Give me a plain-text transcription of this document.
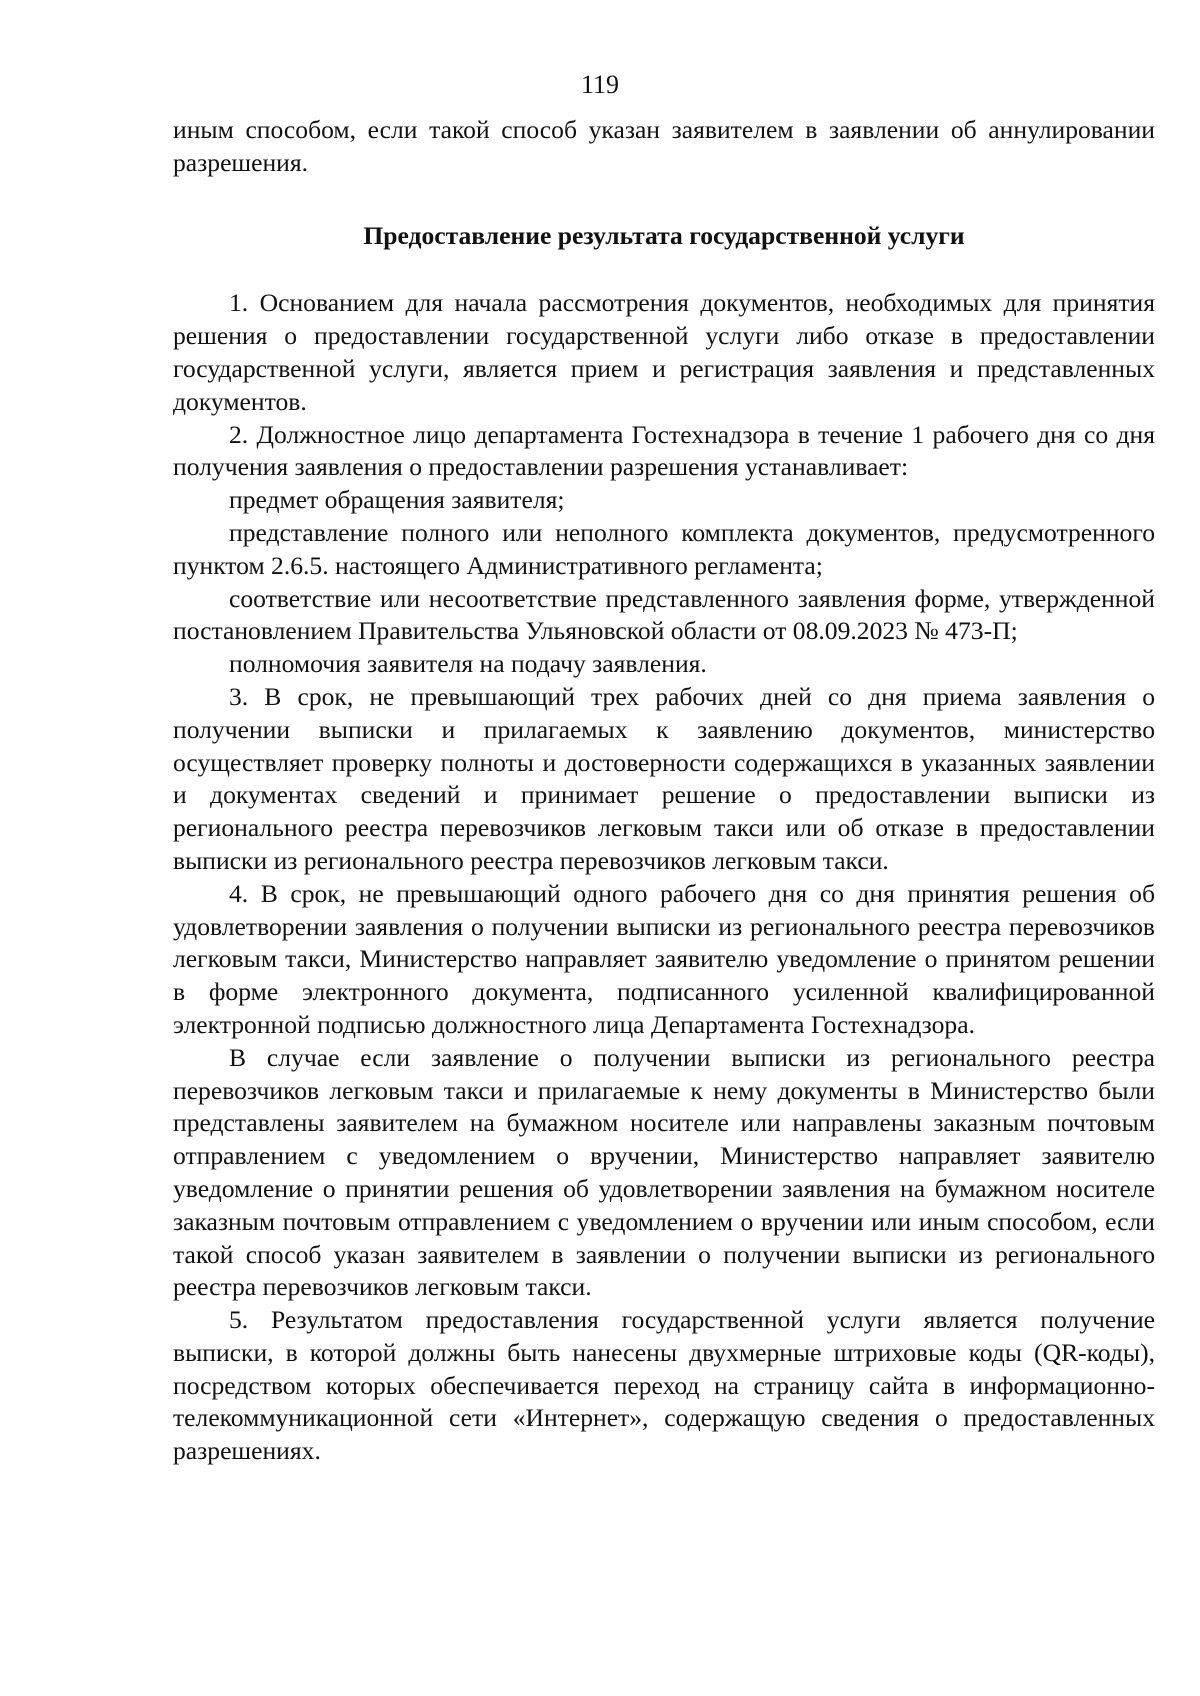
119

иным способом, если такой способ указан заявителем в заявлении об аннулировании разрешения.

Предоставление результата государственной услуги

1. Основанием для начала рассмотрения документов, необходимых для принятия решения о предоставлении государственной услуги либо отказе в предоставлении государственной услуги, является прием и регистрация заявления и представленных документов.

2. Должностное лицо департамента Гостехнадзора в течение 1 рабочего дня со дня получения заявления о предоставлении разрешения устанавливает:

предмет обращения заявителя;

представление полного или неполного комплекта документов, предусмотренного пунктом 2.6.5. настоящего Административного регламента;

соответствие или несоответствие представленного заявления форме, утвержденной постановлением Правительства Ульяновской области от 08.09.2023 № 473-П;

полномочия заявителя на подачу заявления.

3. В срок, не превышающий трех рабочих дней со дня приема заявления о получении выписки и прилагаемых к заявлению документов, министерство осуществляет проверку полноты и достоверности содержащихся в указанных заявлении и документах сведений и принимает решение о предоставлении выписки из регионального реестра перевозчиков легковым такси или об отказе в предоставлении выписки из регионального реестра перевозчиков легковым такси.

4. В срок, не превышающий одного рабочего дня со дня принятия решения об удовлетворении заявления о получении выписки из регионального реестра перевозчиков легковым такси, Министерство направляет заявителю уведомление о принятом решении в форме электронного документа, подписанного усиленной квалифицированной электронной подписью должностного лица Департамента Гостехнадзора.

В случае если заявление о получении выписки из регионального реестра перевозчиков легковым такси и прилагаемые к нему документы в Министерство были представлены заявителем на бумажном носителе или направлены заказным почтовым отправлением с уведомлением о вручении, Министерство направляет заявителю уведомление о принятии решения об удовлетворении заявления на бумажном носителе заказным почтовым отправлением с уведомлением о вручении или иным способом, если такой способ указан заявителем в заявлении о получении выписки из регионального реестра перевозчиков легковым такси.

5. Результатом предоставления государственной услуги является получение выписки, в которой должны быть нанесены двухмерные штриховые коды (QR-коды), посредством которых обеспечивается переход на страницу сайта в информационно-телекоммуникационной сети «Интернет», содержащую сведения о предоставленных разрешениях.
